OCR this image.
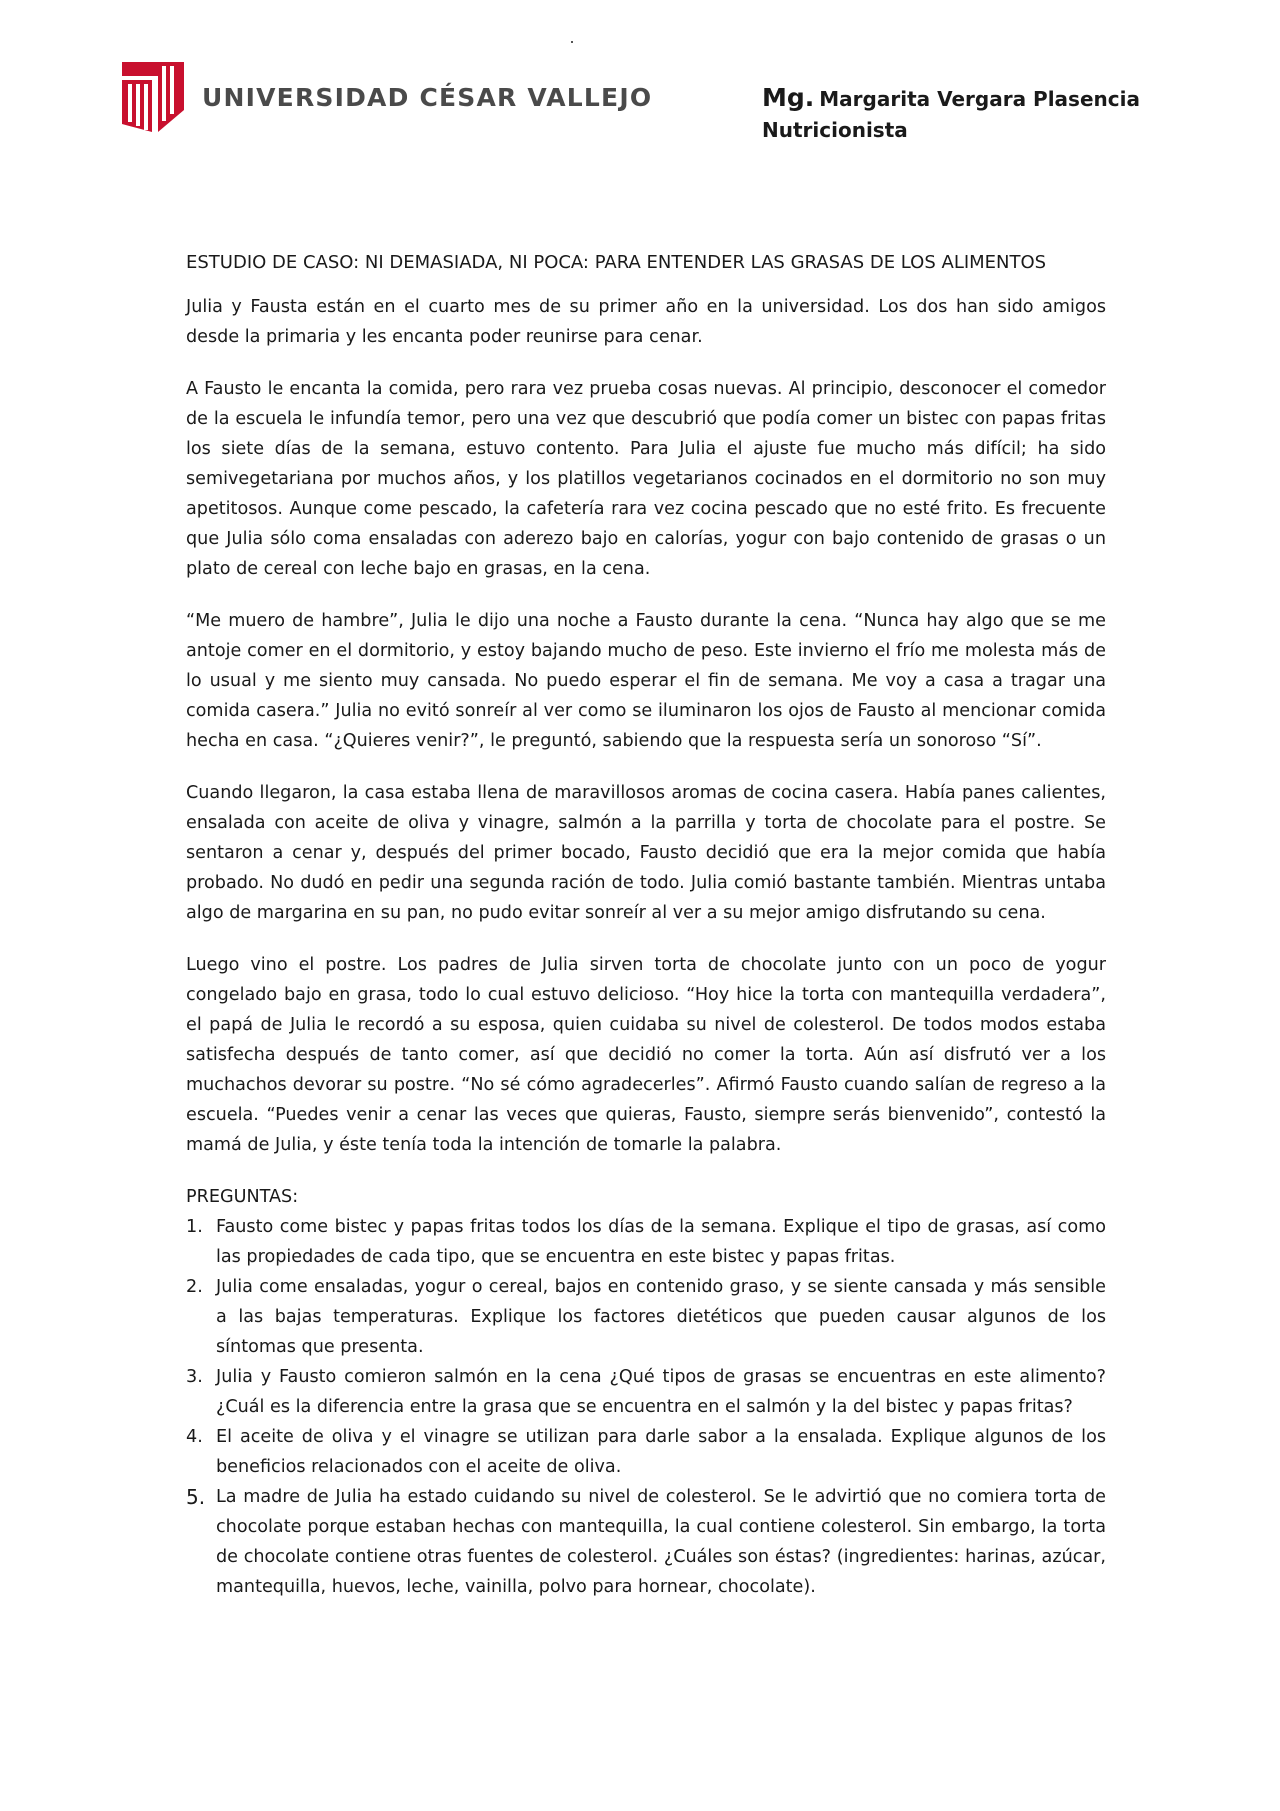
UNIVERSIDAD CÉSAR VALLEJO	Mg. Margarita Vergara Plasencia
Nutricionista
ESTUDIO DE CASO: NI DEMASIADA, NI POCA: PARA ENTENDER LAS GRASAS DE LOS ALIMENTOS

Julia y Fausta están en el cuarto mes de su primer año en la universidad. Los dos han sido amigos desde la primaria y les encanta poder reunirse para cenar.

A Fausto le encanta la comida, pero rara vez prueba cosas nuevas. Al principio, desconocer el comedor de la escuela le infundía temor, pero una vez que descubrió que podía comer un bistec con papas fritas los siete días de la semana, estuvo contento. Para Julia el ajuste fue mucho más difícil; ha sido semivegetariana por muchos años, y los platillos vegetarianos cocinados en el dormitorio no son muy apetitosos. Aunque come pescado, la cafetería rara vez cocina pescado que no esté frito. Es frecuente que Julia sólo coma ensaladas con aderezo bajo en calorías, yogur con bajo contenido de grasas o un plato de cereal con leche bajo en grasas, en la cena.

“Me muero de hambre”, Julia le dijo una noche a Fausto durante la cena. “Nunca hay algo que se me antoje comer en el dormitorio, y estoy bajando mucho de peso. Este invierno el frío me molesta más de lo usual y me siento muy cansada. No puedo esperar el fin de semana. Me voy a casa a tragar una comida casera.” Julia no evitó sonreír al ver como se iluminaron los ojos de Fausto al mencionar comida hecha en casa. “¿Quieres venir?”, le preguntó, sabiendo que la respuesta sería un sonoroso “Sí”.

Cuando llegaron, la casa estaba llena de maravillosos aromas de cocina casera. Había panes calientes, ensalada con aceite de oliva y vinagre, salmón a la parrilla y torta de chocolate para el postre. Se sentaron a cenar y, después del primer bocado, Fausto decidió que era la mejor comida que había probado. No dudó en pedir una segunda ración de todo. Julia comió bastante también. Mientras untaba algo de margarina en su pan, no pudo evitar sonreír al ver a su mejor amigo disfrutando su cena.

Luego vino el postre. Los padres de Julia sirven torta de chocolate junto con un poco de yogur congelado bajo en grasa, todo lo cual estuvo delicioso. “Hoy hice la torta con mantequilla verdadera”, el papá de Julia le recordó a su esposa, quien cuidaba su nivel de colesterol. De todos modos estaba satisfecha después de tanto comer, así que decidió no comer la torta. Aún así disfrutó ver a los muchachos devorar su postre. “No sé cómo agradecerles”. Afirmó Fausto cuando salían de regreso a la escuela. “Puedes venir a cenar las veces que quieras, Fausto, siempre serás bienvenido”, contestó la mamá de Julia, y éste tenía toda la intención de tomarle la palabra.

PREGUNTAS:
1. Fausto come bistec y papas fritas todos los días de la semana. Explique el tipo de grasas, así como las propiedades de cada tipo, que se encuentra en este bistec y papas fritas.
2. Julia come ensaladas, yogur o cereal, bajos en contenido graso, y se siente cansada y más sensible a las bajas temperaturas. Explique los factores dietéticos que pueden causar algunos de los síntomas que presenta.
3. Julia y Fausto comieron salmón en la cena ¿Qué tipos de grasas se encuentras en este alimento? ¿Cuál es la diferencia entre la grasa que se encuentra en el salmón y la del bistec y papas fritas?
4. El aceite de oliva y el vinagre se utilizan para darle sabor a la ensalada. Explique algunos de los beneficios relacionados con el aceite de oliva.
5. La madre de Julia ha estado cuidando su nivel de colesterol. Se le advirtió que no comiera torta de chocolate porque estaban hechas con mantequilla, la cual contiene colesterol. Sin embargo, la torta de chocolate contiene otras fuentes de colesterol. ¿Cuáles son éstas? (ingredientes: harinas, azúcar, mantequilla, huevos, leche, vainilla, polvo para hornear, chocolate).
